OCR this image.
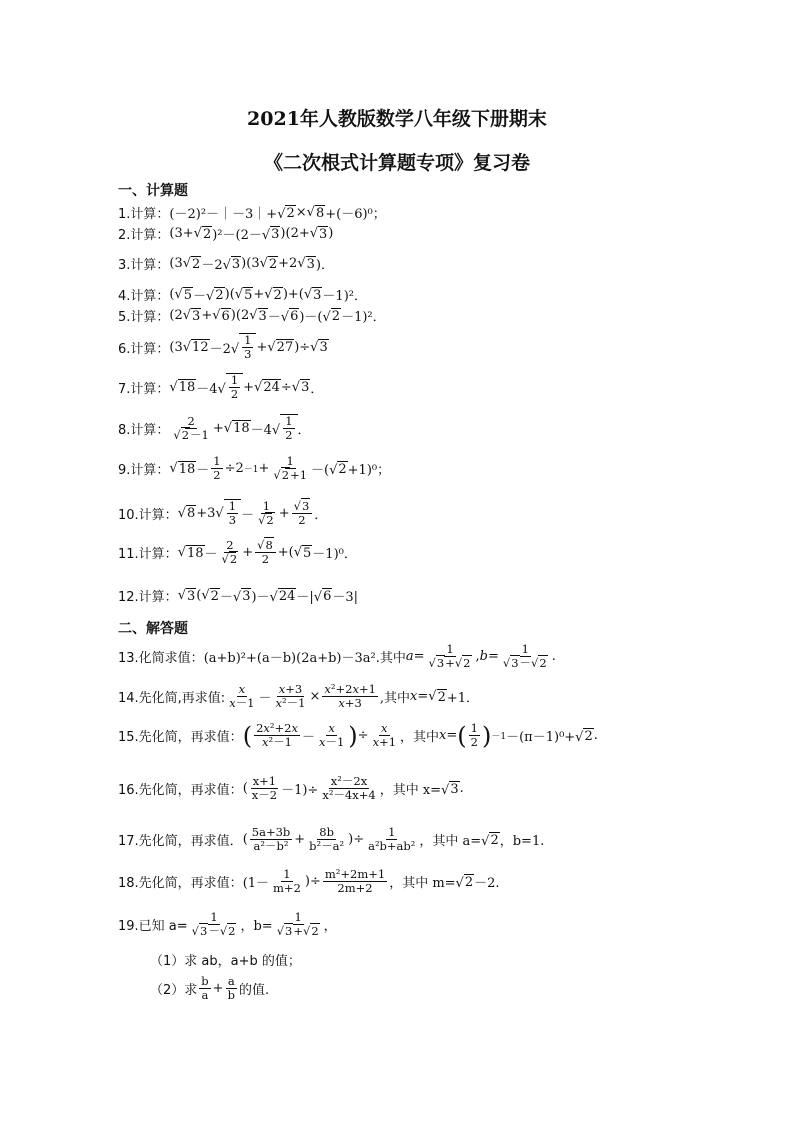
2021年人教版数学八年级下册期末
《二次根式计算题专项》复习卷
一、计算题
1.计算： (－2)²－｜－3｜+√ 2 ×√ 8 +(－6)⁰；
2.计算： (3+√ 2 )²－(2－√ 3 )(2+√ 3 )
3.计算： (3√ 2 －2√ 3 )(3√ 2 +2√ 3 )．
4.计算： (√ 5 －√ 2 )(√ 5 +√ 2 )+(√ 3 －1)²．
5.计算： (2√ 3 +√ 6 )(2√ 3 －√ 6 )－(√ 2 －1)²．
6.计算： (3√ $12 -2√ \frac{1}{3}$ +√ 27 )÷√ 3
7.计算： √ $18 -4√ \frac{1}{2}$ +√ 24 ÷√ 3 ．
8.计算： $\frac{2}{√2-1}$ +√ $18 -4√ \frac{1}{2}$ ．
9.计算： √ $18 - \frac{1}{2} \div 2 -1 + \frac{1}{√2+1}$ －(√ 2 +1)⁰；
10.计算： √ $8 +3√ \frac{1}{3} - \frac{1}{√2} + \frac{√3}{2}$ ．
11.计算： √ $18 - \frac{2}{√2} + \frac{√8}{2}$ +(√ 5 －1)⁰．
12.计算： √ 3 (√ 2 －√ 3 )－√ 24 －|√ 6 －3|
二、解答题
13.化简求值： (a+b)²+(a－b)(2a+b)－3a².其中 $a = \frac{1}{√3+√2}$ , $b = \frac{1}{√3-√2}$ .
14.先化简,再求值: $\frac{x}{x-1} - \frac{x+3}{\text{x²－1}} \times \frac{\text{x²+2x+1}}{x+3}$ ,其中 x =√ 2 +1．
15.先化简，再求值： ( $\frac{\text{2x²+2x}}{\text{x²－1}} - \frac{x}{x-1}$ ) ÷ $\frac{x}{x+1}$ ，其中 x = ( $\frac{1}{2}$ ) －1 －(π－1)⁰+√ 2 .
16.先化简，再求值： ( $\frac{x+1}{x-2} -1)\div \frac{\text{x²－2x}}{\text{x²－4x+4}}$ ，其中 x=√ 3 .
17.先化简，再求值． ( $\frac{5a+3b}{\text{a²－b²}} + \frac{8b}{\text{b²－a²}}$ )÷ $\frac{1}{\text{a²b+ab²}}$ ，其中 a=√ 2 ，b=1.
18.先化简，再求值： ($1- \frac{1}{m+2}$ )÷ $\frac{\text{m²+2m+1}}{2m+2}$ ，其中 m=√ 2 －2.
19.已知 $a= \frac{1}{√3-√2}$ ，$b= \frac{1}{√3+√2}$ ，
（1）求 ab，a+b 的值；
（2）求 $\frac{b}{a} + \frac{a}{b}$ 的值.
